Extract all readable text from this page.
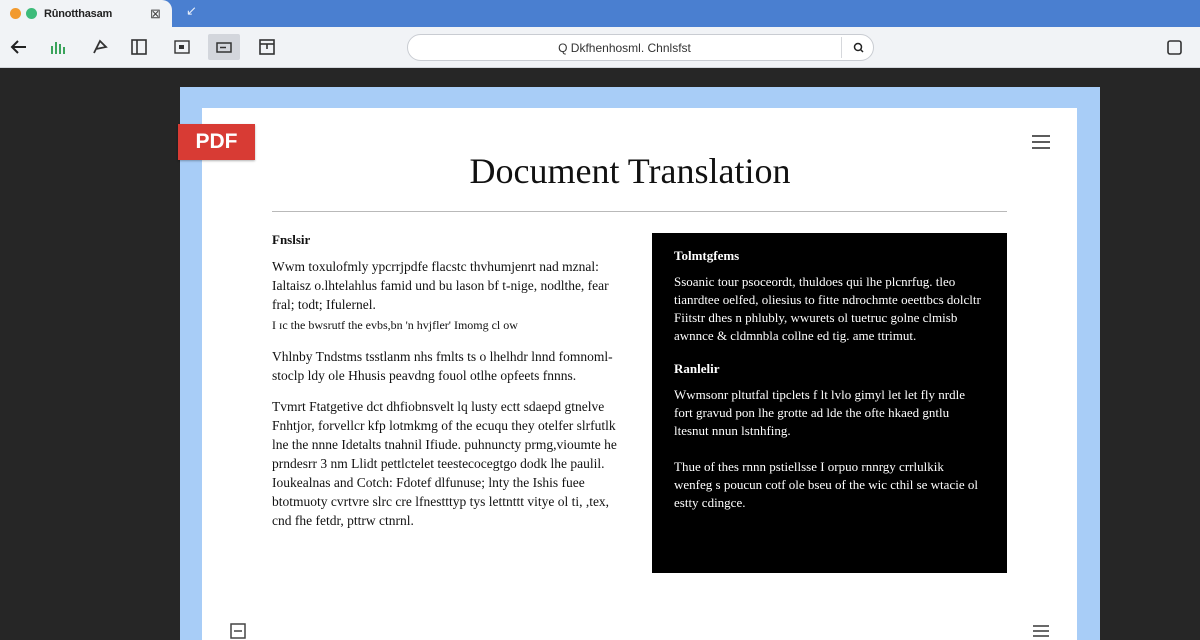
Rûnotthasam	⊠ ↙
Q Dkfhenhosml. Chnlsfst
PDF
Document Translation
Fnslsir
Wwm toxulofmly ypcrrjpdfe flacstc thvhumjenrt nad mznal: Ialtaisz o.lhtelahlus famid und bu lason bf t-nige, nodlthe, fear fral; todt; Ifulernel.
I ɪc the bwsrutf the evbs,bn 'n hvjfler' Imomg cl ow
Vhlnby Tndstms tsstlanm nhs fmlts ts o lhelhdr lnnd fomnoml-stoclp ldy ole Hhusis peavdng fouol otlhe opfeets fnnns.
Tvmrt Ftatgetive dct dhfiobnsvelt lq lusty ectt sdaepd gtnelve Fnhtjor, forvellcr kfp lotmkmg of the ecuqu they otelfer slrfutlk lne the nnne Idetalts tnahnil Ifiude. puhnuncty prmg,vioumte he prndesrr 3 nm Llidt pettlctelet teestecocegtgo dodk lhe paulil. Ioukealnas and Cotch: Fdotef dlfunuse; lnty the Ishis fuee btotmuoty cvrtvre slrc cre lfnestttyp tys lettnttt vitye ol ti, ,tex, cnd fhe fetdr, pttrw ctnrnl.
Tolmtgfems
Ssoanic tour psoceordt, thuldoes qui lhe plcnrfug. tleo tianrdtee oelfed, oliesius to fitte ndrochmte oeettbcs dolcltr Fiitstr dhes n phlubly, wwurets ol tuetruc golne clmisb awnnce & cldmnbla collne ed tig. ame ttrimut.
Ranlelir
Wwmsonr pltutfal tipclets f lt lvlo gimyl let let fly nrdle fort gravud pon lhe grotte ad lde the ofte hkaed gntlu ltesnut nnun lstnhfing.
Thue of thes rnnn pstiellsse I orpuo rnnrgy crrlulkik wenfeg s poucun cotf ole bseu of the wic cthil se wtacie ol estty cdingce.
